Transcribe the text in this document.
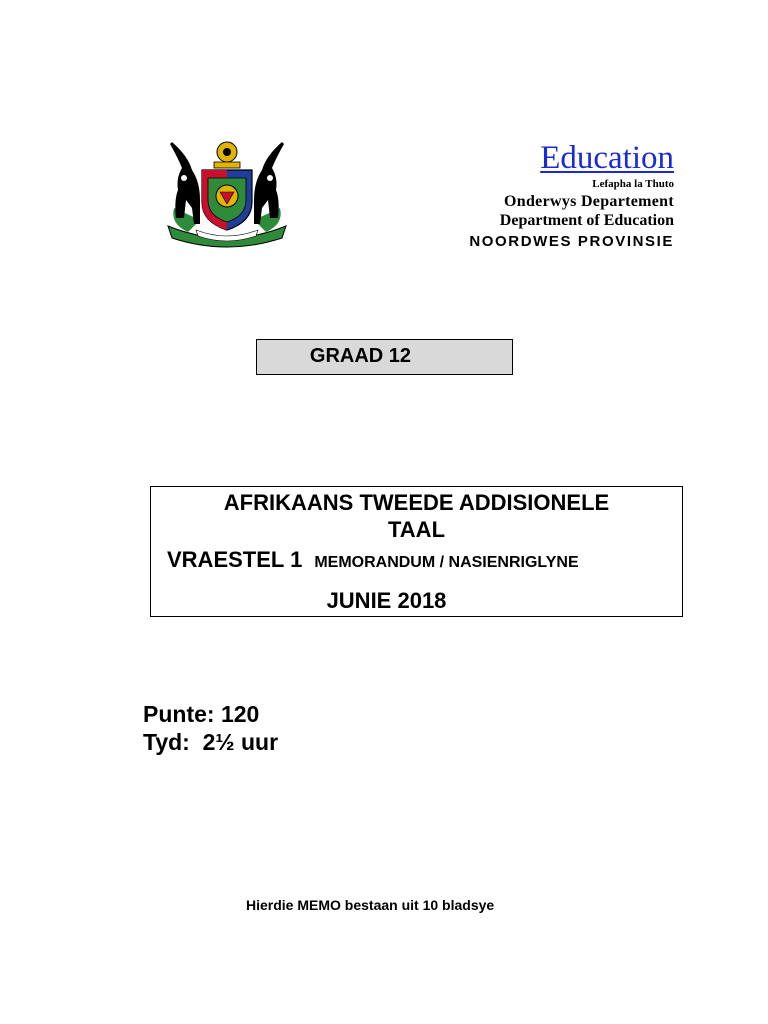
Education
Lefapha la Thuto
Onderwys Departement
Department of Education
NOORDWES PROVINSIE
GRAAD 12
AFRIKAANS TWEEDE ADDISIONELE
TAAL
VRAESTEL 1 MEMORANDUM / NASIENRIGLYNE
JUNIE 2018
Punte: 120
Tyd:  2½ uur
Hierdie MEMO bestaan uit 10 bladsye
